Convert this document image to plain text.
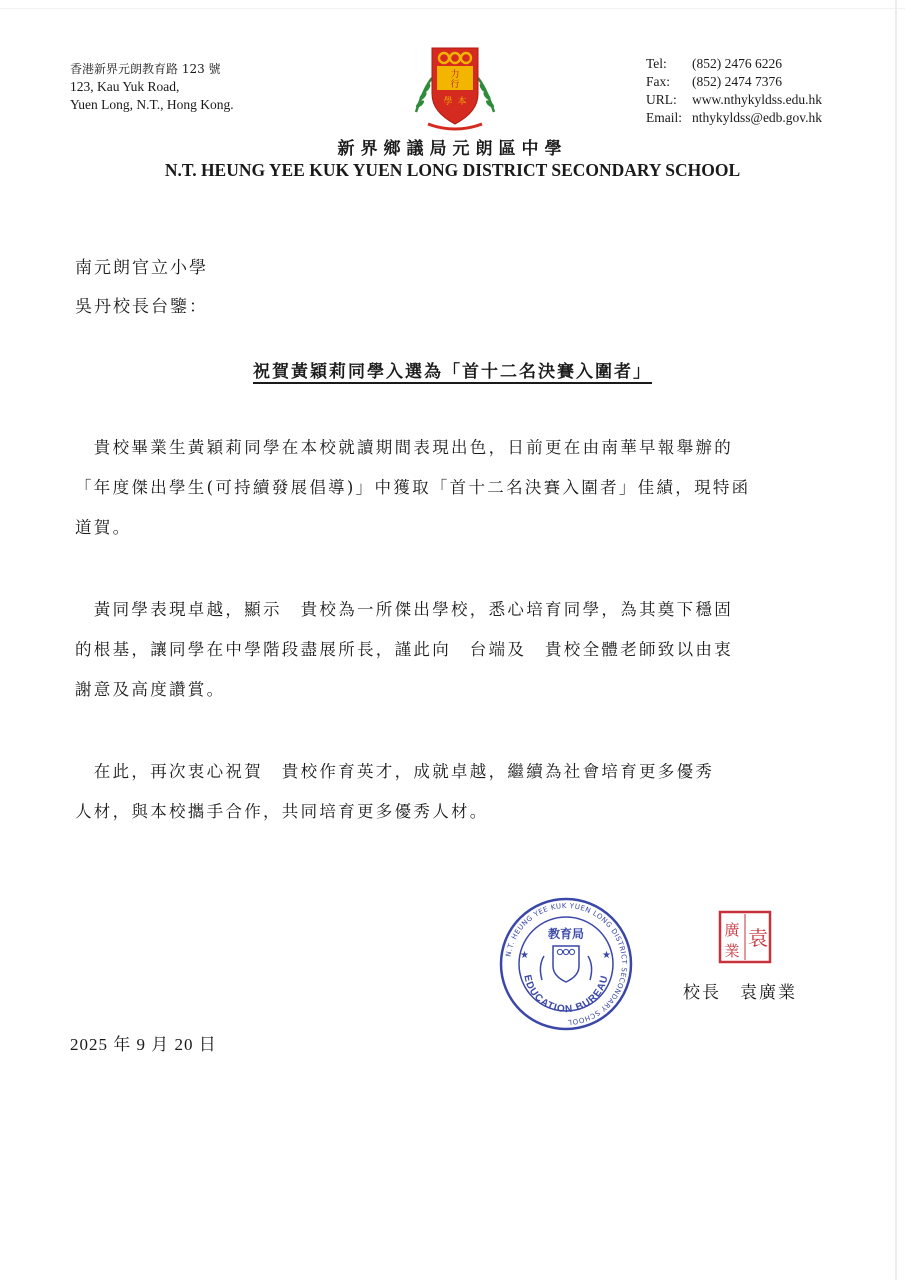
香港新界元朗教育路 123 號
123, Kau Yuk Road,
Yuen Long, N.T., Hong Kong.
力
行
學 本
Tel:	(852) 2476 6226
Fax:	(852) 2474 7376
URL:	www.nthykyldss.edu.hk
Email: nthykyldss@edb.gov.hk
新界鄉議局元朗區中學
N.T. HEUNG YEE KUK YUEN LONG DISTRICT SECONDARY SCHOOL
南元朗官立小學
吳丹校長台鑒：
祝賀黃穎莉同學入選為「首十二名決賽入圍者」
　貴校畢業生黃穎莉同學在本校就讀期間表現出色，日前更在由南華早報舉辦的
「年度傑出學生(可持續發展倡導)」中獲取「首十二名決賽入圍者」佳績，現特函
道賀。
　黃同學表現卓越，顯示　貴校為一所傑出學校，悉心培育同學，為其奠下穩固
的根基，讓同學在中學階段盡展所長，謹此向　台端及　貴校全體老師致以由衷
謝意及高度讚賞。
　在此，再次衷心祝賀　貴校作育英才，成就卓越，繼續為社會培育更多優秀
人材，與本校攜手合作，共同培育更多優秀人材。
N.T. HEUNG YEE KUK YUEN LONG DISTRICT SECONDARY SCHOOL
EDUCATION BUREAU
教育局
★	★
廣 袁
業
校長　袁廣業
2025 年 9 月 20 日
